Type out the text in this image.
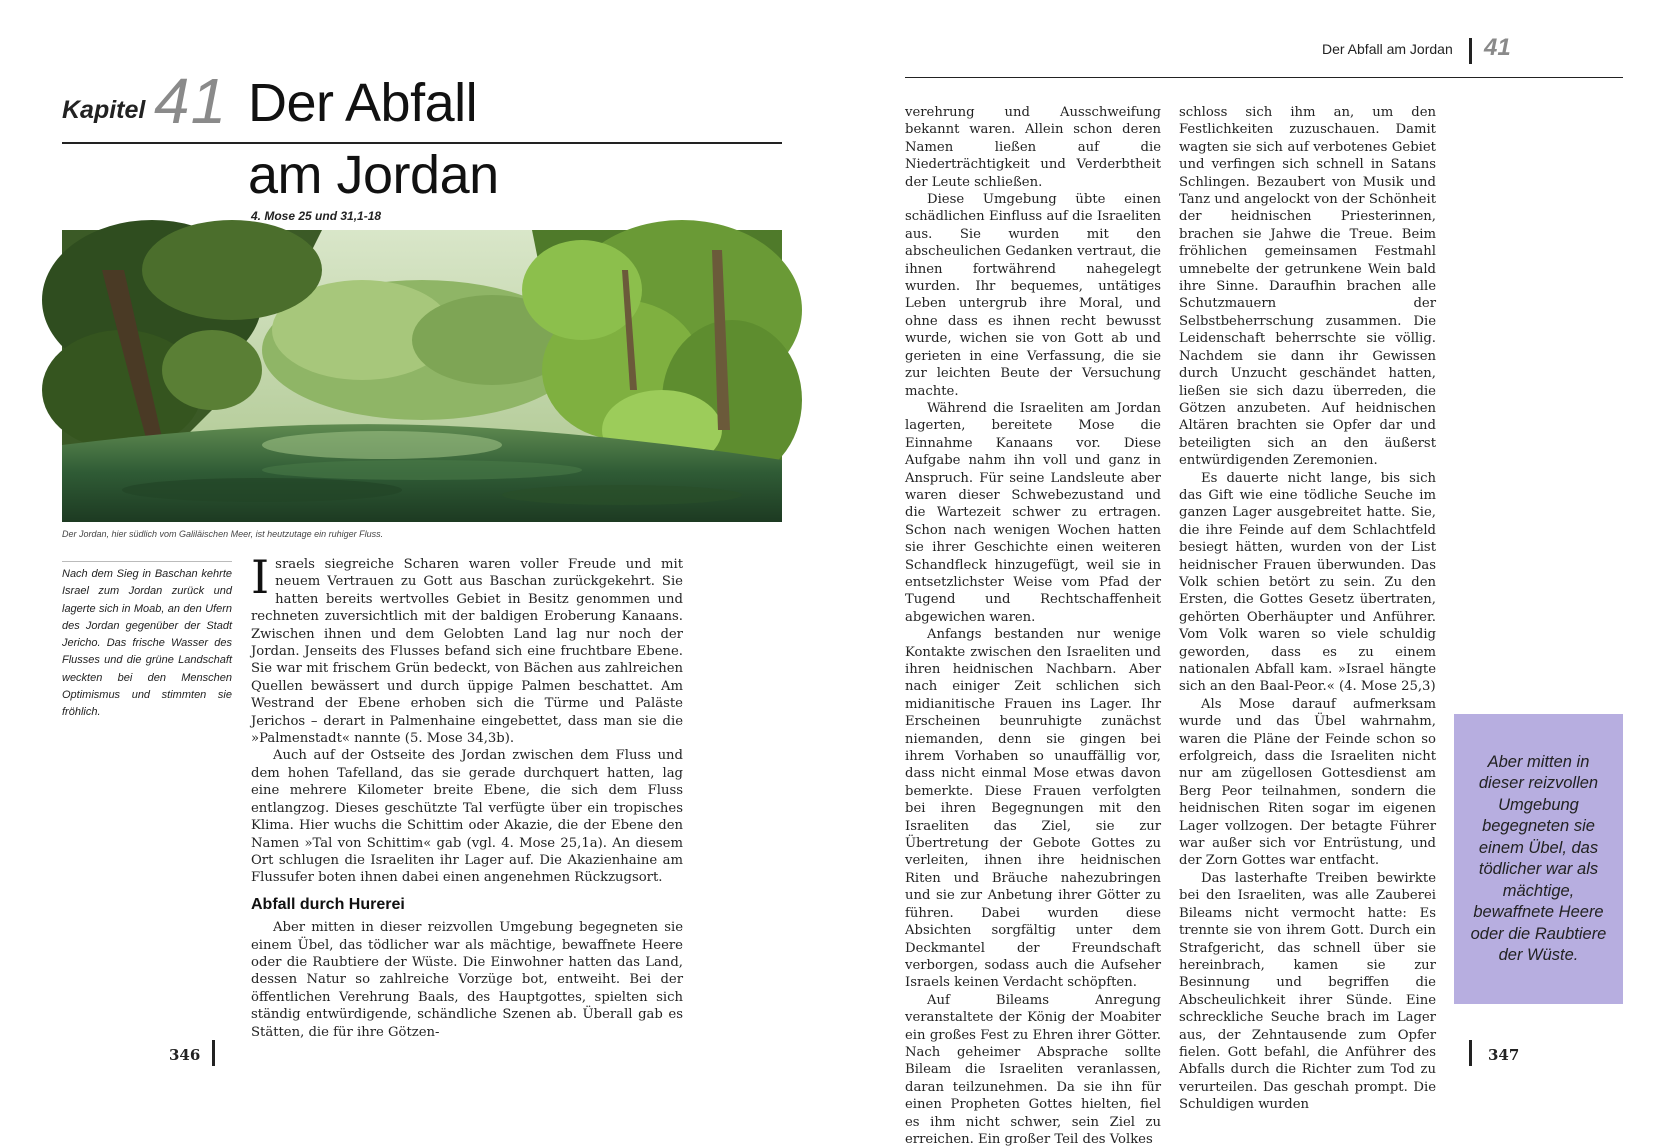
Kapitel 41 Der Abfall
am Jordan
4. Mose 25 und 31,1-18
Der Jordan, hier südlich vom Galiläischen Meer, ist heutzutage ein ruhiger Fluss.
Nach dem Sieg in Baschan kehrte Israel zum Jordan zurück und lagerte sich in Moab, an den Ufern des Jordan gegenüber der Stadt Jericho. Das frische Wasser des Flusses und die grüne Landschaft weckten bei den Menschen Optimismus und stimmten sie fröhlich.

Israels siegreiche Scharen waren voller Freude und mit neuem Vertrauen zu Gott aus Baschan zurückgekehrt. Sie hatten bereits wertvolles Gebiet in Besitz genommen und rechneten zuversichtlich mit der baldigen Eroberung Kanaans. Zwischen ihnen und dem Gelobten Land lag nur noch der Jordan. Jenseits des Flusses befand sich eine fruchtbare Ebene. Sie war mit frischem Grün bedeckt, von Bächen aus zahlreichen Quellen bewässert und durch üppige Palmen beschattet. Am Westrand der Ebene erhoben sich die Türme und Paläste Jerichos – derart in Palmenhaine eingebettet, dass man sie die »Palmenstadt« nannte (5. Mose 34,3b).

Auch auf der Ostseite des Jordan zwischen dem Fluss und dem hohen Tafelland, das sie gerade durchquert hatten, lag eine mehrere Kilometer breite Ebene, die sich dem Fluss entlangzog. Dieses geschützte Tal verfügte über ein tropisches Klima. Hier wuchs die Schittim oder Akazie, die der Ebene den Namen »Tal von Schittim« gab (vgl. 4. Mose 25,1a). An diesem Ort schlugen die Israeliten ihr Lager auf. Die Akazienhaine am Flussufer boten ihnen dabei einen angenehmen Rückzugsort.

Abfall durch Hurerei

Aber mitten in dieser reizvollen Umgebung begegneten sie einem Übel, das tödlicher war als mächtige, bewaffnete Heere oder die Raubtiere der Wüste. Die Einwohner hatten das Land, dessen Natur so zahlreiche Vorzüge bot, entweiht. Bei der öffentlichen Verehrung Baals, des Hauptgottes, spielten sich ständig entwürdigende, schändliche Szenen ab. Überall gab es Stätten, die für ihre Götzen-

346
Der Abfall am Jordan 41

verehrung und Ausschweifung bekannt waren. Allein schon deren Namen ließen auf die Niederträchtigkeit und Verderbtheit der Leute schließen.

Diese Umgebung übte einen schädlichen Einfluss auf die Israeliten aus. Sie wurden mit den abscheulichen Gedanken vertraut, die ihnen fortwährend nahegelegt wurden. Ihr bequemes, untätiges Leben untergrub ihre Moral, und ohne dass es ihnen recht bewusst wurde, wichen sie von Gott ab und gerieten in eine Verfassung, die sie zur leichten Beute der Versuchung machte.

Während die Israeliten am Jordan lagerten, bereitete Mose die Einnahme Kanaans vor. Diese Aufgabe nahm ihn voll und ganz in Anspruch. Für seine Landsleute aber waren dieser Schwebezustand und die Wartezeit schwer zu ertragen. Schon nach wenigen Wochen hatten sie ihrer Geschichte einen weiteren Schandfleck hinzugefügt, weil sie in entsetzlichster Weise vom Pfad der Tugend und Rechtschaffenheit abgewichen waren.

Anfangs bestanden nur wenige Kontakte zwischen den Israeliten und ihren heidnischen Nachbarn. Aber nach einiger Zeit schlichen sich midianitische Frauen ins Lager. Ihr Erscheinen beunruhigte zunächst niemanden, denn sie gingen bei ihrem Vorhaben so unauffällig vor, dass nicht einmal Mose etwas davon bemerkte. Diese Frauen verfolgten bei ihren Begegnungen mit den Israeliten das Ziel, sie zur Übertretung der Gebote Gottes zu verleiten, ihnen ihre heidnischen Riten und Bräuche nahezubringen und sie zur Anbetung ihrer Götter zu führen. Dabei wurden diese Absichten sorgfältig unter dem Deckmantel der Freundschaft verborgen, sodass auch die Aufseher Israels keinen Verdacht schöpften.

Auf Bileams Anregung veranstaltete der König der Moabiter ein großes Fest zu Ehren ihrer Götter. Nach geheimer Absprache sollte Bileam die Israeliten veranlassen, daran teilzunehmen. Da sie ihn für einen Propheten Gottes hielten, fiel es ihm nicht schwer, sein Ziel zu erreichen. Ein großer Teil des Volkes

schloss sich ihm an, um den Festlichkeiten zuzuschauen. Damit wagten sie sich auf verbotenes Gebiet und verfingen sich schnell in Satans Schlingen. Bezaubert von Musik und Tanz und angelockt von der Schönheit der heidnischen Priesterinnen, brachen sie Jahwe die Treue. Beim fröhlichen gemeinsamen Festmahl umnebelte der getrunkene Wein bald ihre Sinne. Daraufhin brachen alle Schutzmauern der Selbstbeherrschung zusammen. Die Leidenschaft beherrschte sie völlig. Nachdem sie dann ihr Gewissen durch Unzucht geschändet hatten, ließen sie sich dazu überreden, die Götzen anzubeten. Auf heidnischen Altären brachten sie Opfer dar und beteiligten sich an den äußerst entwürdigenden Zeremonien.

Es dauerte nicht lange, bis sich das Gift wie eine tödliche Seuche im ganzen Lager ausgebreitet hatte. Sie, die ihre Feinde auf dem Schlachtfeld besiegt hätten, wurden von der List heidnischer Frauen überwunden. Das Volk schien betört zu sein. Zu den Ersten, die Gottes Gesetz übertraten, gehörten Oberhäupter und Anführer. Vom Volk waren so viele schuldig geworden, dass es zu einem nationalen Abfall kam. »Israel hängte sich an den Baal-Peor.« (4. Mose 25,3)

Als Mose darauf aufmerksam wurde und das Übel wahrnahm, waren die Pläne der Feinde schon so erfolgreich, dass die Israeliten nicht nur am zügellosen Gottesdienst am Berg Peor teilnahmen, sondern die heidnischen Riten sogar im eigenen Lager vollzogen. Der betagte Führer war außer sich vor Entrüstung, und der Zorn Gottes war entfacht.

Das lasterhafte Treiben bewirkte bei den Israeliten, was alle Zauberei Bileams nicht vermocht hatte: Es trennte sie von ihrem Gott. Durch ein Strafgericht, das schnell über sie hereinbrach, kamen sie zur Besinnung und begriffen die Abscheulichkeit ihrer Sünde. Eine schreckliche Seuche brach im Lager aus, der Zehntausende zum Opfer fielen. Gott befahl, die Anführer des Abfalls durch die Richter zum Tod zu verurteilen. Das geschah prompt. Die Schuldigen wurden

Aber mitten in dieser reizvollen Umgebung begegneten sie einem Übel, das tödlicher war als mächtige, bewaffnete Heere oder die Raubtiere der Wüste.
347
